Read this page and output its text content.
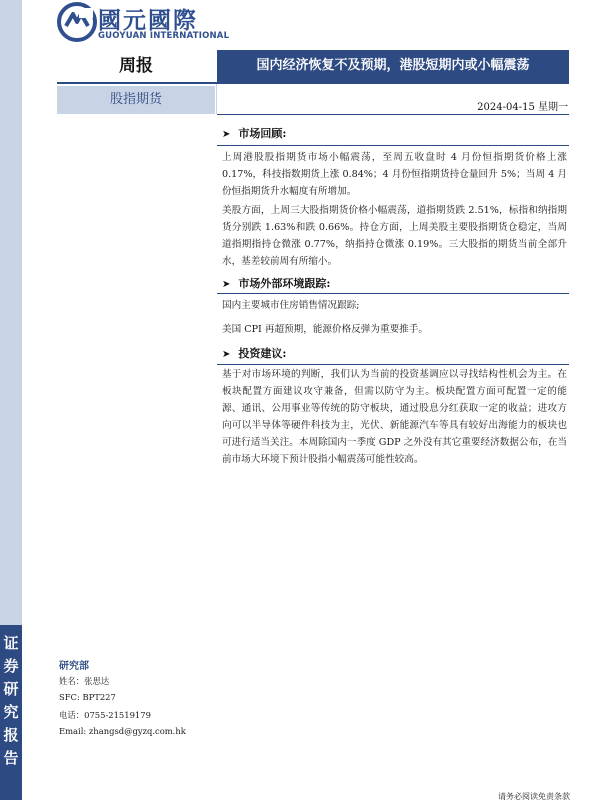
证
券
研
究
报
告
國元國際
GUOYUAN INTERNATIONAL
周报	国内经济恢复不及预期，港股短期内或小幅震荡
股指期货
2024-04-15 星期一
➤ 市场回顾:
上周港股股指期货市场小幅震荡，至周五收盘时 4 月份恒指期货价格上涨 0.17%，科技指数期货上涨 0.84%；4 月份恒指期货持仓量回升 5%；当周 4 月份恒指期货升水幅度有所增加。
美股方面，上周三大股指期货价格小幅震荡，道指期货跌 2.51%，标指和纳指期货分别跌 1.63%和跌 0.66%。持仓方面，上周美股主要股指期货仓稳定，当周道指期指持仓微涨 0.77%，纳指持仓微涨 0.19%。三大股指的期货当前全部升水，基差较前周有所缩小。
➤ 市场外部环境跟踪:
国内主要城市住房销售情况跟踪;
美国 CPI 再超预期，能源价格反弹为重要推手。
➤ 投资建议:
基于对市场环境的判断，我们认为当前的投资基调应以寻找结构性机会为主。在板块配置方面建议攻守兼备，但需以防守为主。板块配置方面可配置一定的能源、通讯、公用事业等传统的防守板块，通过股息分红获取一定的收益；进攻方向可以半导体等硬件科技为主，光伏、新能源汽车等具有较好出海能力的板块也可进行适当关注。本周除国内一季度 GDP 之外没有其它重要经济数据公布，在当前市场大环境下预计股指小幅震荡可能性较高。
研究部
姓名：张思达
SFC: BPT227
电话：0755-21519179
Email: zhangsd@gyzq.com.hk
请务必阅读免责条款
